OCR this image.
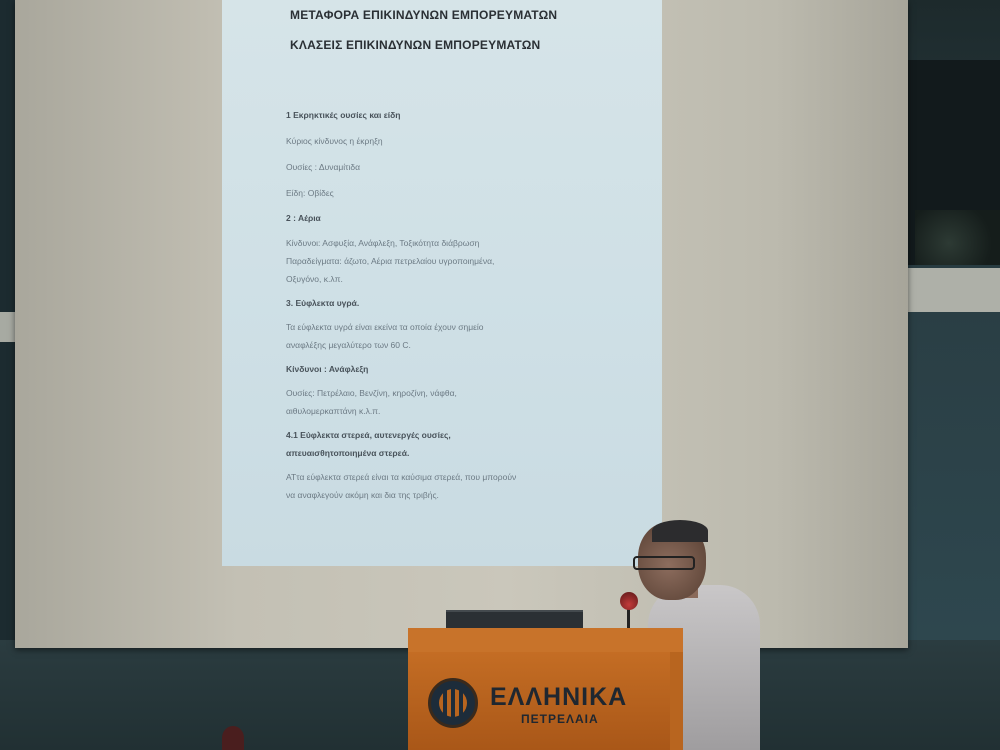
ΜΕΤΑΦΟΡΑ ΕΠΙΚΙΝΔΥΝΩΝ ΕΜΠΟΡΕΥΜΑΤΩΝ
ΚΛΑΣΕΙΣ ΕΠΙΚΙΝΔΥΝΩΝ ΕΜΠΟΡΕΥΜΑΤΩΝ
1 Εκρηκτικές ουσίες και είδη
Κύριος κίνδυνος η έκρηξη
Ουσίες : Δυναμίτιδα
Είδη: Οβίδες
2 : Αέρια
Κίνδυνοι: Ασφυξία, Ανάφλεξη, Τοξικότητα διάβρωση
Παραδείγματα: άζωτο, Αέρια πετρελαίου υγροποιημένα,
Οξυγόνο, κ.λπ.
3. Εύφλεκτα υγρά.
Τα εύφλεκτα υγρά είναι εκείνα τα οποία έχουν σημείο
αναφλέξης μεγαλύτερο των 60 C.
Κίνδυνοι : Ανάφλεξη
Ουσίες: Πετρέλαιο, Βενζίνη, κηροζίνη, νάφθα,
αιθυλομερκαπτάνη κ.λ.π.
4.1 Εύφλεκτα στερεά, αυτενεργές ουσίες,
απευαισθητοποιημένα στερεά.
ΑΤτα εύφλεκτα στερεά είναι τα καύσιμα στερεά, που μπορούν
να αναφλεγούν ακόμη και δια της τριβής.
ΕΛΛΗΝΙΚΑ
ΠΕΤΡΕΛΑΙΑ
